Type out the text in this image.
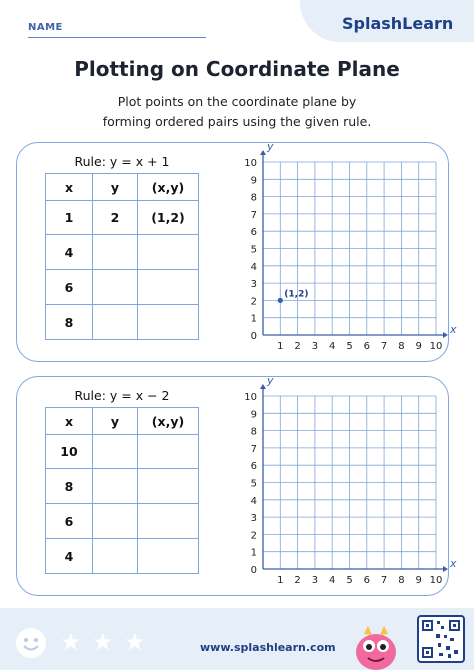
NAME	SplashLearn
Plotting on Coordinate Plane
Plot points on the coordinate plane by
forming ordered pairs using the given rule.
Rule: y = x + 1
x	y	(x,y)
1	2	(1,2)
4		
6		
8		
1 2 3 4 5 6 7 8 9 10
0
1
2
3
4
5
6
7
8
9
10
x
y
(1,2)
Rule: y = x − 2
x	y	(x,y)
10		
8		
6		
4		
1 2 3 4 5 6 7 8 9 10
0
1
2
3
4
5
6
7
8
9
10
x
y
★ ★ ★	www.splashlearn.com
